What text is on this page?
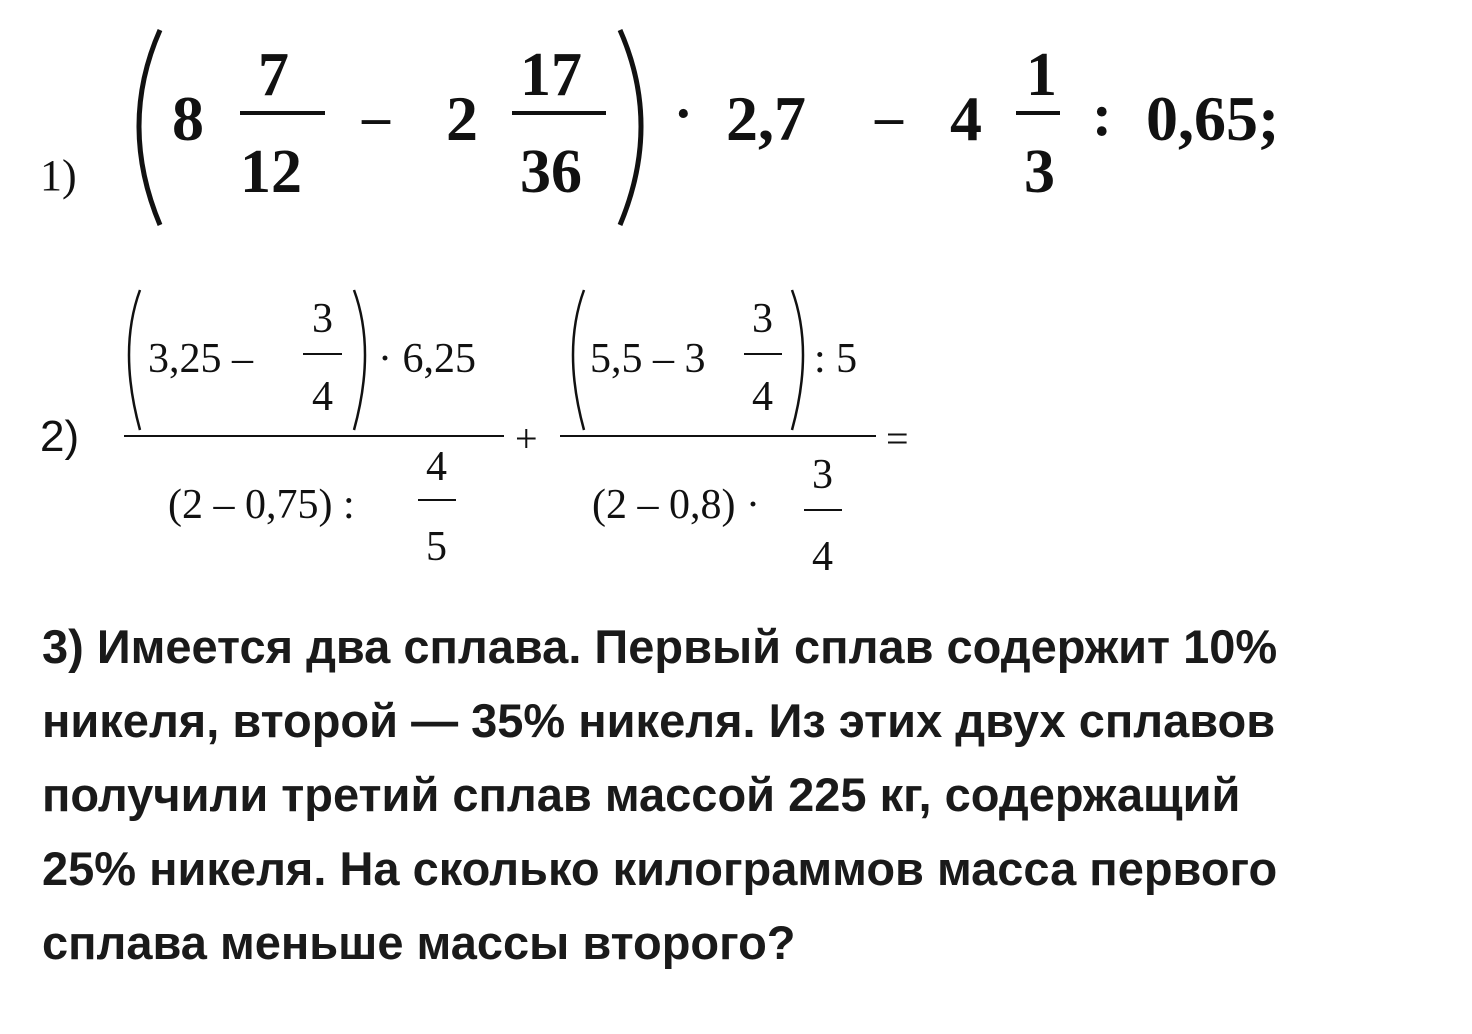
1)
8
7
12
– 2
17
36
· 2,7 – 4
1
3
: 0,65;
2)
3,25 –
3
4
· 6,25
(2 – 0,75) :
4
5
+
5,5 – 3
3
4
: 5
(2 – 0,8) ·
3
4
=
3) Имеется два сплава. Первый сплав содержит 10%
никеля, второй — 35% никеля. Из этих двух сплавов
получили третий сплав массой 225 кг, содержащий
25% никеля. На сколько килограммов масса первого
сплава меньше массы второго?
